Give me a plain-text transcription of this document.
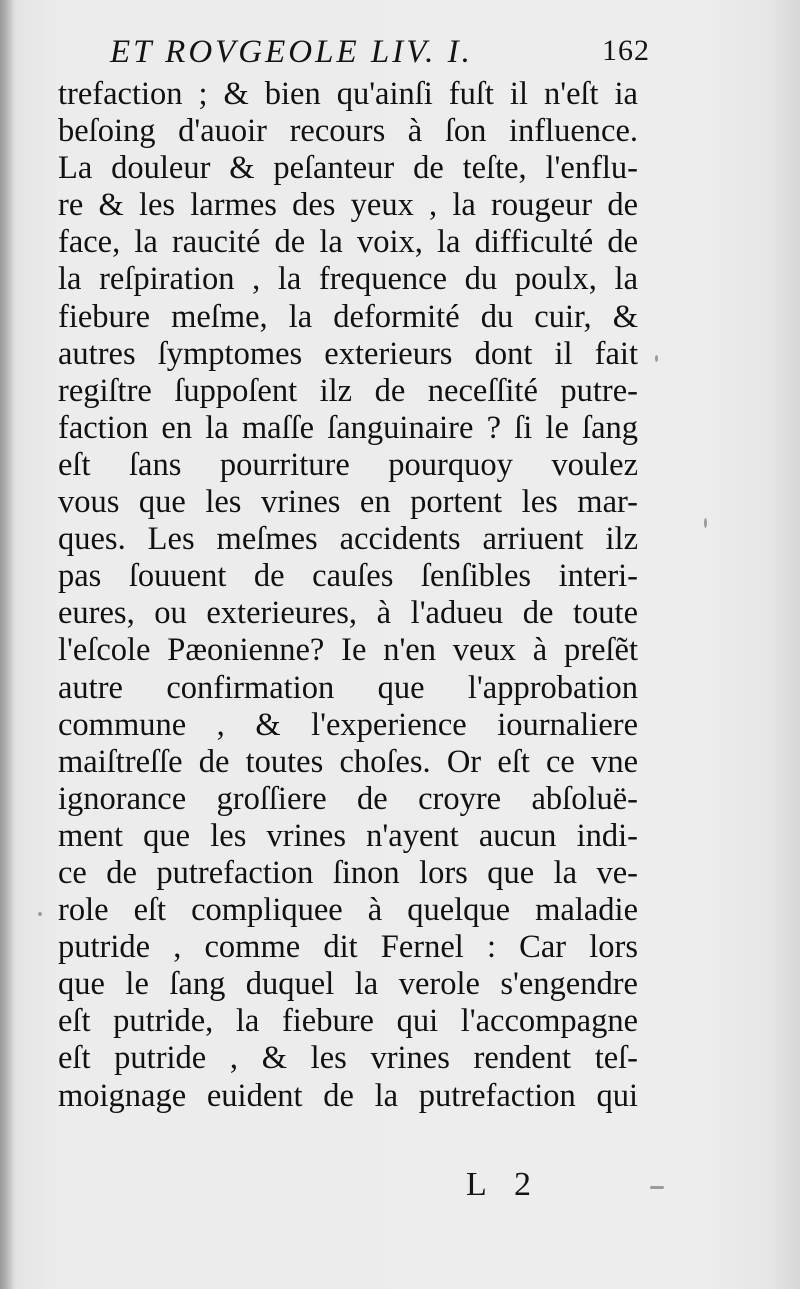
ET ROVGEOLE LIV. I.	162
trefaction ; & bien qu'ainſi fuſt il n'eſt ia
beſoing d'auoir recours à ſon influence.
La douleur & peſanteur de teſte, l'enflu-
re & les larmes des yeux , la rougeur de
face, la raucité de la voix, la difficulté de
la reſpiration , la frequence du poulx, la
fiebure meſme, la deformité du cuir, &
autres ſymptomes exterieurs dont il fait
regiſtre ſuppoſent ilz de neceſſité putre-
faction en la maſſe ſanguinaire ? ſi le ſang
eſt ſans pourriture pourquoy voulez
vous que les vrines en portent les mar-
ques. Les meſmes accidents arriuent ilz
pas ſouuent de cauſes ſenſibles interi-
eures, ou exterieures, à l'adueu de toute
l'eſcole Pæonienne? Ie n'en veux à preſẽt
autre confirmation que l'approbation
commune , & l'experience iournaliere
maiſtreſſe de toutes choſes. Or eſt ce vne
ignorance groſſiere de croyre abſoluë-
ment que les vrines n'ayent aucun indi-
ce de putrefaction ſinon lors que la ve-
role eſt compliquee à quelque maladie
putride , comme dit Fernel : Car lors
que le ſang duquel la verole s'engendre
eſt putride, la fiebure qui l'accompagne
eſt putride , & les vrines rendent teſ-
moignage euident de la putrefaction qui
L 2
